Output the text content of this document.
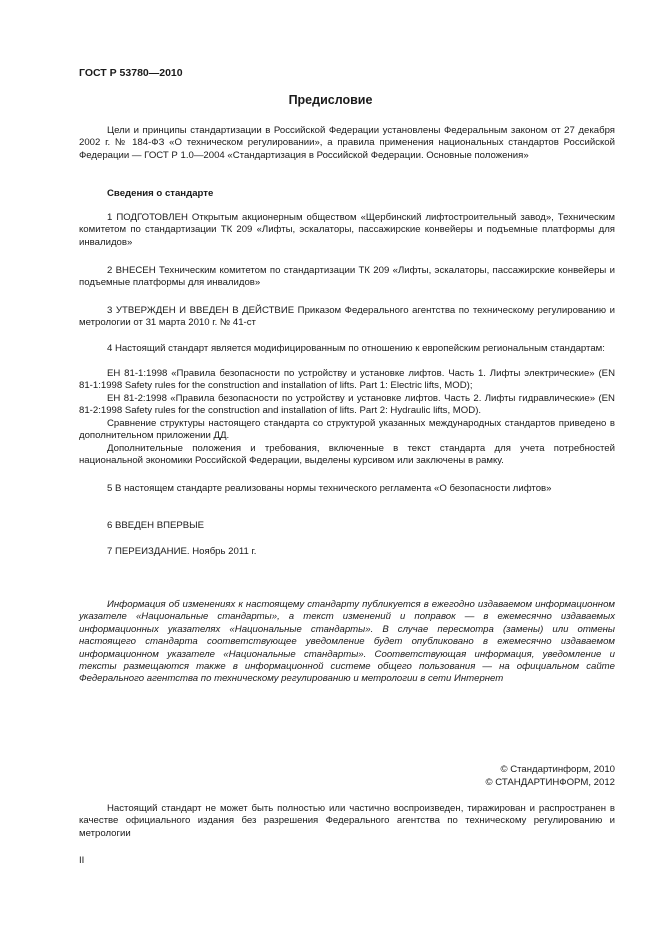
ГОСТ Р 53780—2010
Предисловие

Цели и принципы стандартизации в Российской Федерации установлены Федеральным законом от 27 декабря 2002 г. № 184-ФЗ «О техническом регулировании», а правила применения национальных стандартов Российской Федерации — ГОСТ Р 1.0—2004 «Стандартизация в Российской Федерации. Основные положения»

Сведения о стандарте

1 ПОДГОТОВЛЕН Открытым акционерным обществом «Щербинский лифтостроительный завод», Техническим комитетом по стандартизации ТК 209 «Лифты, эскалаторы, пассажирские конвейеры и подъемные платформы для инвалидов»

2 ВНЕСЕН Техническим комитетом по стандартизации ТК 209 «Лифты, эскалаторы, пассажирские конвейеры и подъемные платформы для инвалидов»

3 УТВЕРЖДЕН И ВВЕДЕН В ДЕЙСТВИЕ Приказом Федерального агентства по техническому регулированию и метрологии от 31 марта 2010 г. № 41-ст

4 Настоящий стандарт является модифицированным по отношению к европейским региональным стандартам:

ЕН 81-1:1998 «Правила безопасности по устройству и установке лифтов. Часть 1. Лифты электрические» (EN 81-1:1998 Safety rules for the construction and installation of lifts. Part 1: Electric lifts, MOD);

ЕН 81-2:1998 «Правила безопасности по устройству и установке лифтов. Часть 2. Лифты гидравлические» (EN 81-2:1998 Safety rules for the construction and installation of lifts. Part 2: Hydraulic lifts, MOD).

Сравнение структуры настоящего стандарта со структурой указанных международных стандартов приведено в дополнительном приложении ДД.

Дополнительные положения и требования, включенные в текст стандарта для учета потребностей национальной экономики Российской Федерации, выделены курсивом или заключены в рамку.

5 В настоящем стандарте реализованы нормы технического регламента «О безопасности лифтов»

6 ВВЕДЕН ВПЕРВЫЕ

7 ПЕРЕИЗДАНИЕ. Ноябрь 2011 г.

Информация об изменениях к настоящему стандарту публикуется в ежегодно издаваемом информационном указателе «Национальные стандарты», а текст изменений и поправок — в ежемесячно издаваемых информационных указателях «Национальные стандарты». В случае пересмотра (замены) или отмены настоящего стандарта соответствующее уведомление будет опубликовано в ежемесячно издаваемом информационном указателе «Национальные стандарты». Соответствующая информация, уведомление и тексты размещаются также в информационной системе общего пользования — на официальном сайте Федерального агентства по техническому регулированию и метрологии в сети Интернет

© Стандартинформ, 2010
© СТАНДАРТИНФОРМ, 2012

Настоящий стандарт не может быть полностью или частично воспроизведен, тиражирован и распространен в качестве официального издания без разрешения Федерального агентства по техническому регулированию и метрологии

II
